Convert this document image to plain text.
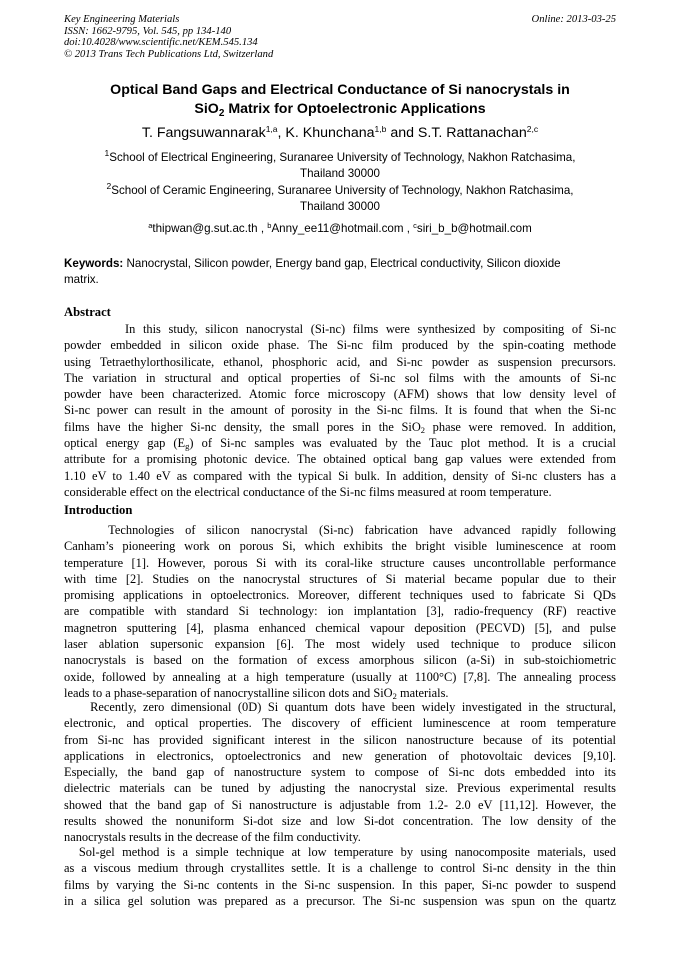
Key Engineering Materials
ISSN: 1662-9795, Vol. 545, pp 134-140
doi:10.4028/www.scientific.net/KEM.545.134
© 2013 Trans Tech Publications Ltd, Switzerland
Online: 2013-03-25
Optical Band Gaps and Electrical Conductance of Si nanocrystals in
SiO$_2$ Matrix for Optoelectronic Applications
T. Fangsuwannarak$^{1,a}$, K. Khunchana$^{1,b}$ and S.T. Rattanachan$^{2,c}$
$^1$School of Electrical Engineering, Suranaree University of Technology, Nakhon Ratchasima,
Thailand 30000
$^2$School of Ceramic Engineering, Suranaree University of Technology, Nakhon Ratchasima,
Thailand 30000
$^a$thipwan@g.sut.ac.th , $^b$Anny_ee11@hotmail.com , $^c$siri_b_b@hotmail.com
Keywords: Nanocrystal, Silicon powder, Energy band gap, Electrical conductivity, Silicon dioxide
matrix.
Abstract
In this study, silicon nanocrystal (Si-nc) films were synthesized by compositing of Si-nc
powder embedded in silicon oxide phase. The Si-nc film produced by the spin-coating methode
using Tetraethylorthosilicate, ethanol, phosphoric acid, and Si-nc powder as suspension precursors.
The variation in structural and optical properties of Si-nc sol films with the amounts of Si-nc
powder have been characterized. Atomic force microscopy (AFM) shows that low density level of
Si-nc power can result in the amount of porosity in the Si-nc films. It is found that when the Si-nc
films have the higher Si-nc density, the small pores in the SiO$_2$ phase were removed. In addition,
optical energy gap $(E_g)$ of Si-nc samples was evaluated by the Tauc plot method. It is a crucial
attribute for a promising photonic device. The obtained optical bang gap values were extended from
1.10 eV to 1.40 eV as compared with the typical Si bulk. In addition, density of Si-nc clusters has a
considerable effect on the electrical conductance of the Si-nc films measured at room temperature.
Introduction
Technologies of silicon nanocrystal (Si-nc) fabrication have advanced rapidly following
Canham’s pioneering work on porous Si, which exhibits the bright visible luminescence at room
temperature [1]. However, porous Si with its coral-like structure causes uncontrollable performance
with time [2]. Studies on the nanocrystal structures of Si material became popular due to their
promising applications in optoelectronics. Moreover, different techniques used to fabricate Si QDs
are compatible with standard Si technology: ion implantation [3], radio-frequency (RF) reactive
magnetron sputtering [4], plasma enhanced chemical vapour deposition (PECVD) [5], and pulse
laser ablation supersonic expansion [6]. The most widely used technique to produce silicon
nanocrystals is based on the formation of excess amorphous silicon (a-Si) in sub-stoichiometric
oxide, followed by annealing at a high temperature (usually at 1100°C) [7,8]. The annealing process
leads to a phase-separation of nanocrystalline silicon dots and SiO$_2$ materials.
Recently, zero dimensional (0D) Si quantum dots have been widely investigated in the structural,
electronic, and optical properties. The discovery of efficient luminescence at room temperature
from Si-nc has provided significant interest in the silicon nanostructure because of its potential
applications in electronics, optoelectronics and new generation of photovoltaic devices [9,10].
Especially, the band gap of nanostructure system to compose of Si-nc dots embedded into its
dielectric materials can be tuned by adjusting the nanocrystal size. Previous experimental results
showed that the band gap of Si nanostructure is adjustable from 1.2- 2.0 eV [11,12]. However, the
results showed the nonuniform Si-dot size and low Si-dot concentration. The low density of the
nanocrystals results in the decrease of the film conductivity.
Sol-gel method is a simple technique at low temperature by using nanocomposite materials, used
as a viscous medium through crystallites settle. It is a challenge to control Si-nc density in the thin
films by varying the Si-nc contents in the Si-nc suspension. In this paper, Si-nc powder to suspend
in a silica gel solution was prepared as a precursor. The Si-nc suspension was spun on the quartz
